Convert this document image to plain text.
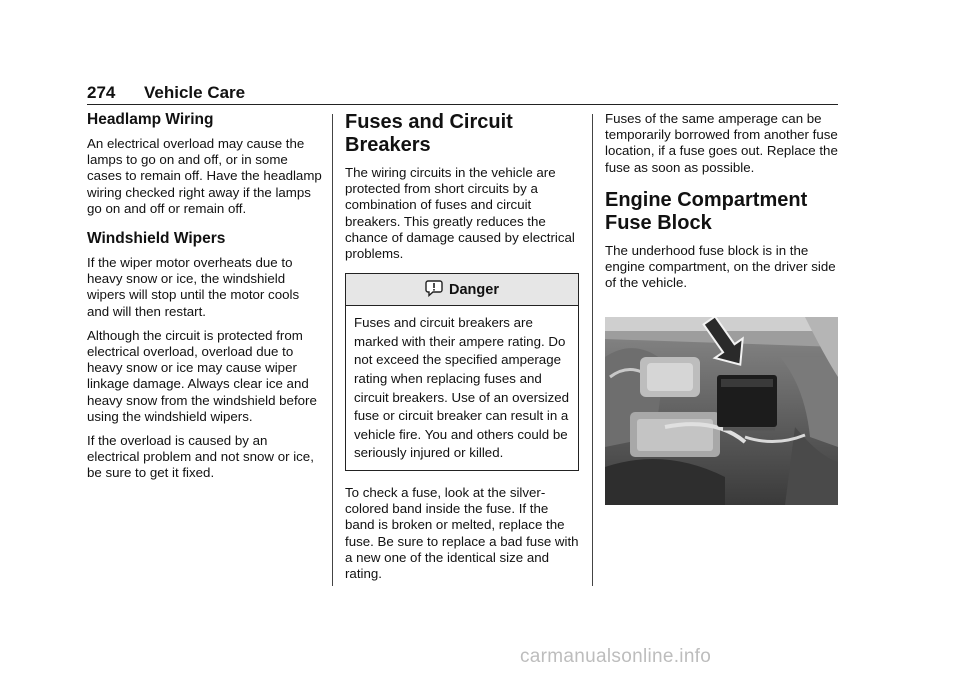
274 Vehicle Care
Headlamp Wiring

An electrical overload may cause the lamps to go on and off, or in some cases to remain off. Have the headlamp wiring checked right away if the lamps go on and off or remain off.

Windshield Wipers

If the wiper motor overheats due to heavy snow or ice, the windshield wipers will stop until the motor cools and will then restart.

Although the circuit is protected from electrical overload, overload due to heavy snow or ice may cause wiper linkage damage. Always clear ice and heavy snow from the windshield before using the windshield wipers.

If the overload is caused by an electrical problem and not snow or ice, be sure to get it fixed.

Fuses and Circuit Breakers

The wiring circuits in the vehicle are protected from short circuits by a combination of fuses and circuit breakers. This greatly reduces the chance of damage caused by electrical problems.

Danger
Fuses and circuit breakers are marked with their ampere rating. Do not exceed the specified amperage rating when replacing fuses and circuit breakers. Use of an oversized fuse or circuit breaker can result in a vehicle fire. You and others could be seriously injured or killed.

To check a fuse, look at the silver-colored band inside the fuse. If the band is broken or melted, replace the fuse. Be sure to replace a bad fuse with a new one of the identical size and rating.

Fuses of the same amperage can be temporarily borrowed from another fuse location, if a fuse goes out. Replace the fuse as soon as possible.

Engine Compartment Fuse Block

The underhood fuse block is in the engine compartment, on the driver side of the vehicle.

carmanualsonline.info
